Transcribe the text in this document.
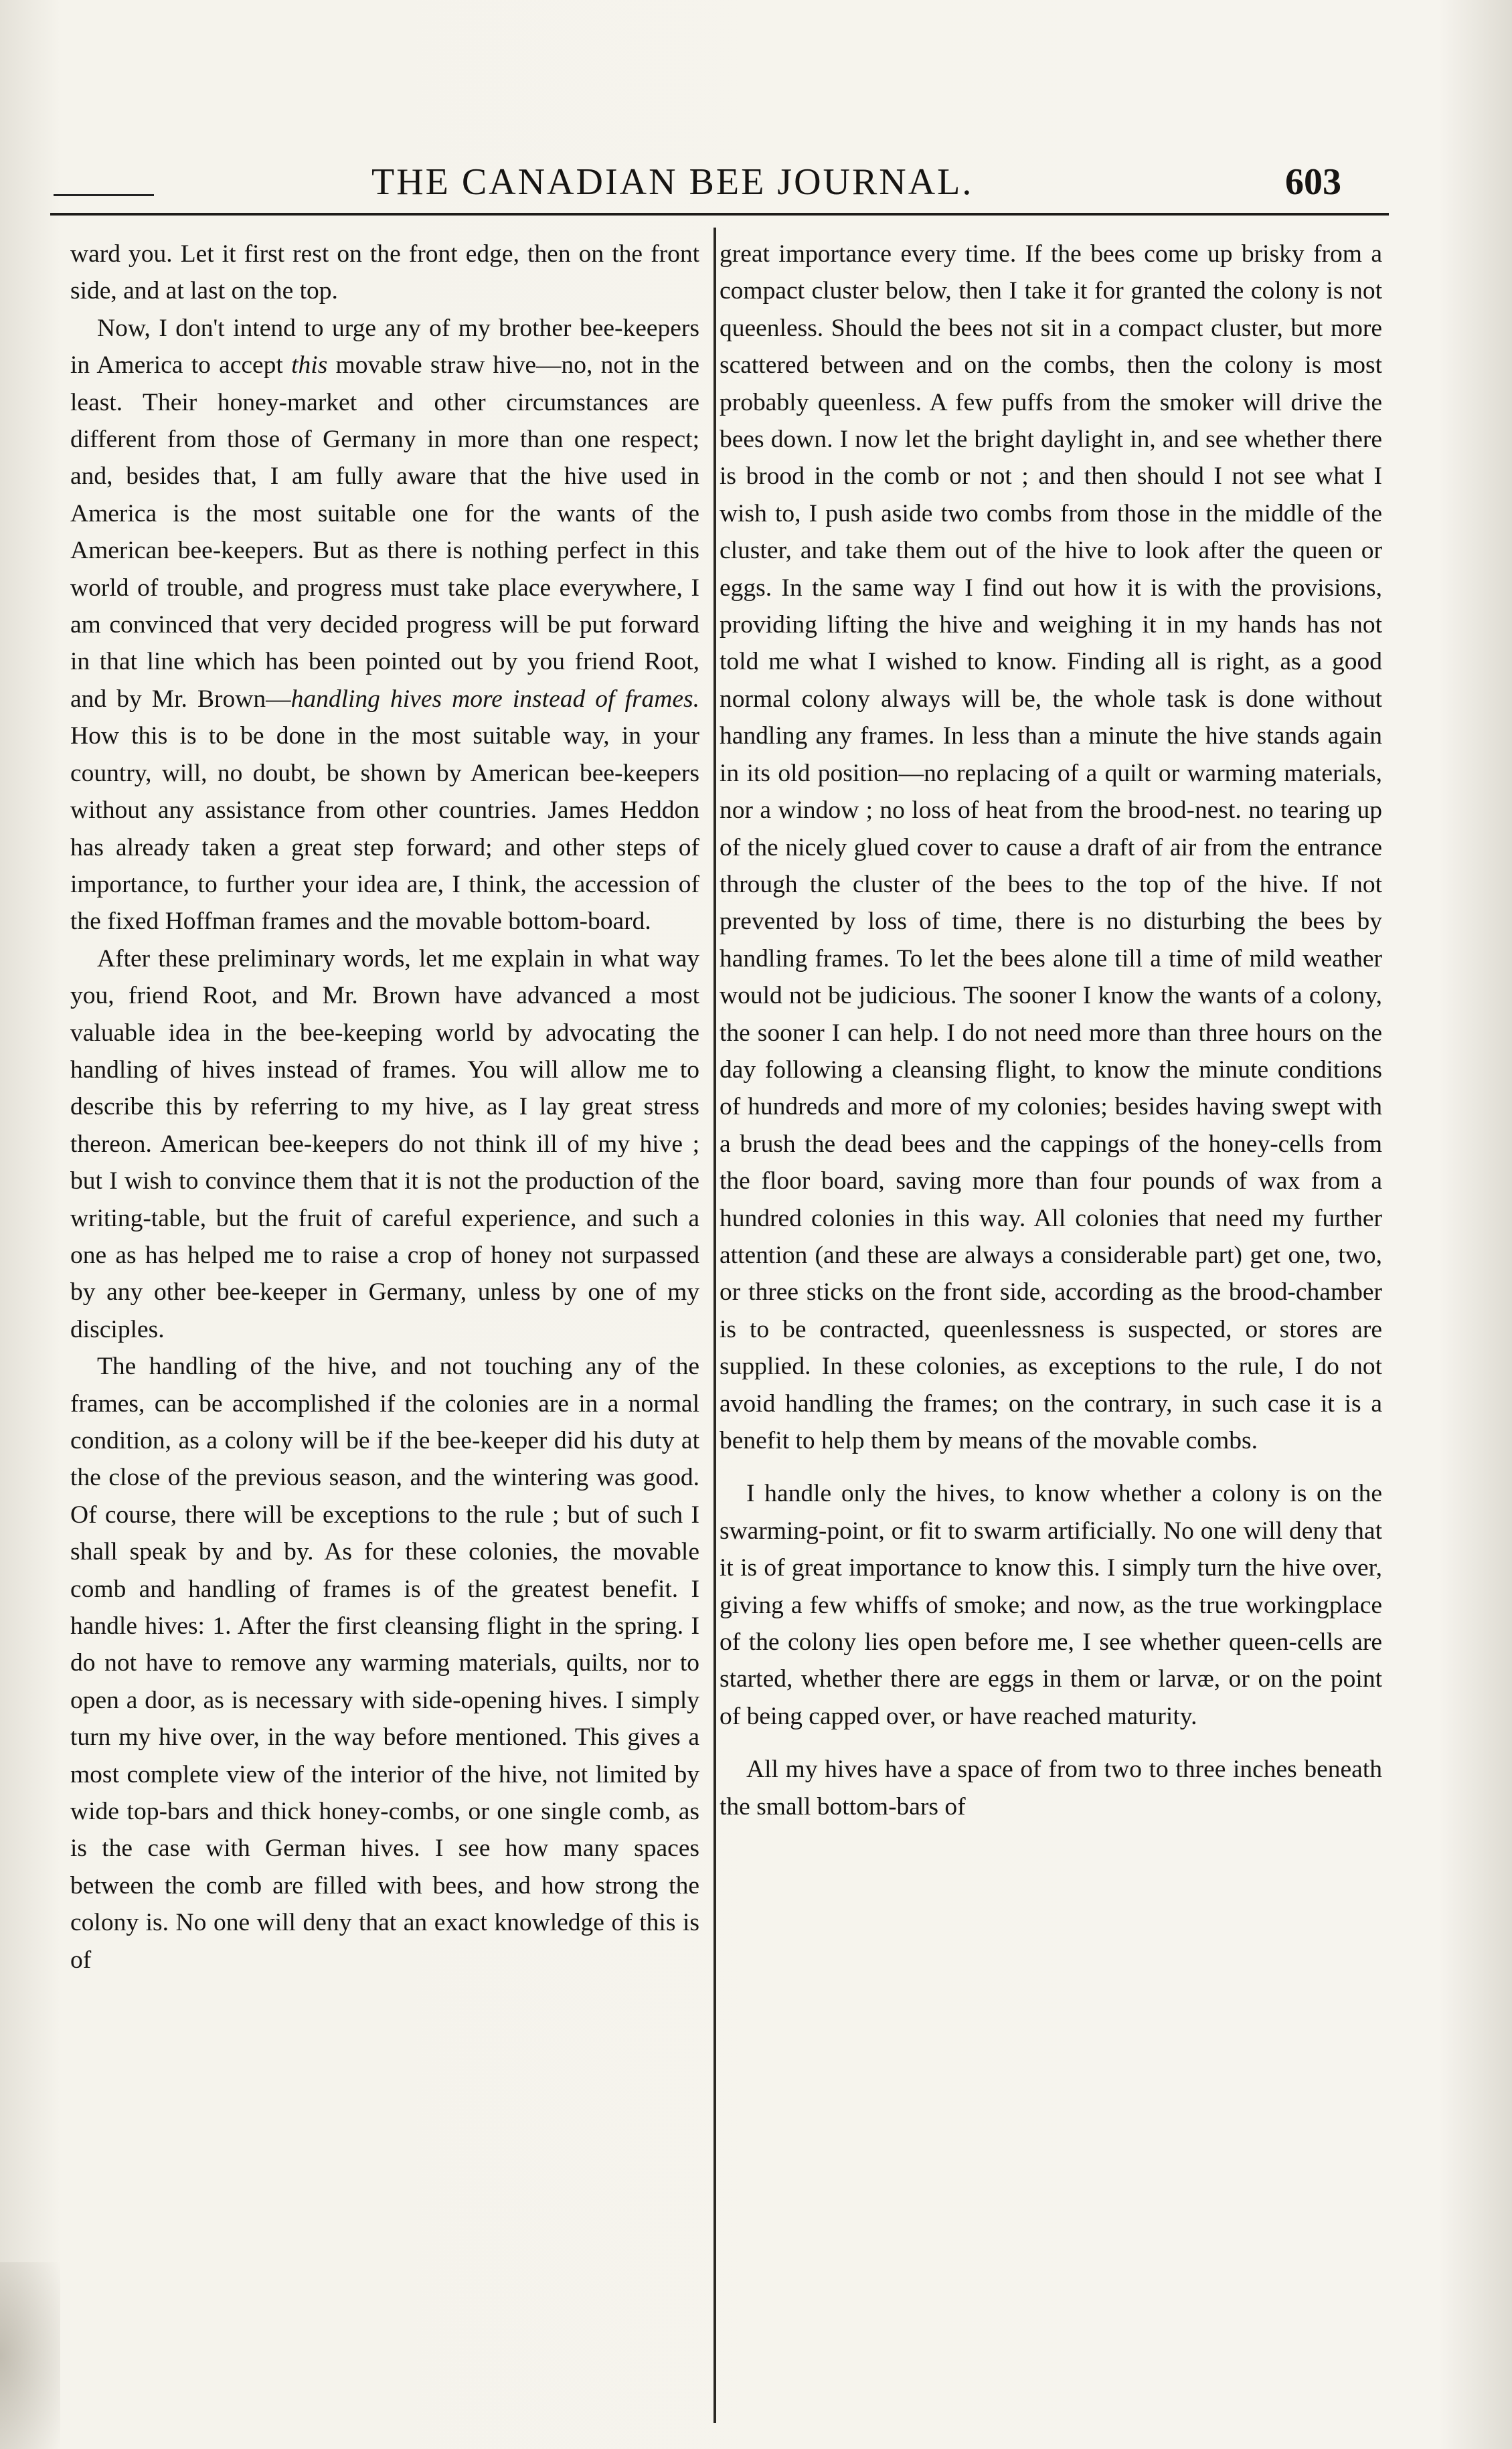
THE CANADIAN BEE JOURNAL.	603

ward you. Let it first rest on the front edge, then on the front side, and at last on the top.

Now, I don't intend to urge any of my brother bee-keepers in America to accept this movable straw hive—no, not in the least. Their honey-market and other circumstances are different from those of Germany in more than one respect; and, besides that, I am fully aware that the hive used in America is the most suitable one for the wants of the American bee-keepers. But as there is nothing perfect in this world of trouble, and progress must take place everywhere, I am convinced that very decided progress will be put forward in that line which has been pointed out by you friend Root, and by Mr. Brown—handling hives more instead of frames. How this is to be done in the most suitable way, in your country, will, no doubt, be shown by American bee-keepers without any assistance from other countries. James Heddon has already taken a great step forward; and other steps of importance, to further your idea are, I think, the accession of the fixed Hoffman frames and the movable bottom-board.

After these preliminary words, let me explain in what way you, friend Root, and Mr. Brown have advanced a most valuable idea in the bee-keeping world by advocating the handling of hives instead of frames. You will allow me to describe this by referring to my hive, as I lay great stress thereon. American bee-keepers do not think ill of my hive ; but I wish to convince them that it is not the production of the writing-table, but the fruit of careful experience, and such a one as has helped me to raise a crop of honey not surpassed by any other bee-keeper in Germany, unless by one of my disciples.

The handling of the hive, and not touching any of the frames, can be accomplished if the colonies are in a normal condition, as a colony will be if the bee-keeper did his duty at the close of the previous season, and the wintering was good. Of course, there will be exceptions to the rule ; but of such I shall speak by and by. As for these colonies, the movable comb and handling of frames is of the greatest benefit. I handle hives: 1. After the first cleansing flight in the spring. I do not have to remove any warming materials, quilts, nor to open a door, as is necessary with side-opening hives. I simply turn my hive over, in the way before mentioned. This gives a most complete view of the interior of the hive, not limited by wide top-bars and thick honey-combs, or one single comb, as is the case with German hives. I see how many spaces between the comb are filled with bees, and how strong the colony is. No one will deny that an exact knowledge of this is of

great importance every time. If the bees come up brisky from a compact cluster below, then I take it for granted the colony is not queenless. Should the bees not sit in a compact cluster, but more scattered between and on the combs, then the colony is most probably queenless. A few puffs from the smoker will drive the bees down. I now let the bright daylight in, and see whether there is brood in the comb or not ; and then should I not see what I wish to, I push aside two combs from those in the middle of the cluster, and take them out of the hive to look after the queen or eggs. In the same way I find out how it is with the provisions, providing lifting the hive and weighing it in my hands has not told me what I wished to know. Finding all is right, as a good normal colony always will be, the whole task is done without handling any frames. In less than a minute the hive stands again in its old position—no replacing of a quilt or warming materials, nor a window ; no loss of heat from the brood-nest. no tearing up of the nicely glued cover to cause a draft of air from the entrance through the cluster of the bees to the top of the hive. If not prevented by loss of time, there is no disturbing the bees by handling frames. To let the bees alone till a time of mild weather would not be judicious. The sooner I know the wants of a colony, the sooner I can help. I do not need more than three hours on the day following a cleansing flight, to know the minute conditions of hundreds and more of my colonies; besides having swept with a brush the dead bees and the cappings of the honey-cells from the floor board, saving more than four pounds of wax from a hundred colonies in this way. All colonies that need my further attention (and these are always a considerable part) get one, two, or three sticks on the front side, according as the brood-chamber is to be contracted, queenlessness is suspected, or stores are supplied. In these colonies, as exceptions to the rule, I do not avoid handling the frames; on the contrary, in such case it is a benefit to help them by means of the movable combs.

I handle only the hives, to know whether a colony is on the swarming-point, or fit to swarm artificially. No one will deny that it is of great importance to know this. I simply turn the hive over, giving a few whiffs of smoke; and now, as the true workingplace of the colony lies open before me, I see whether queen-cells are started, whether there are eggs in them or larvæ, or on the point of being capped over, or have reached maturity.

All my hives have a space of from two to three inches beneath the small bottom-bars of
